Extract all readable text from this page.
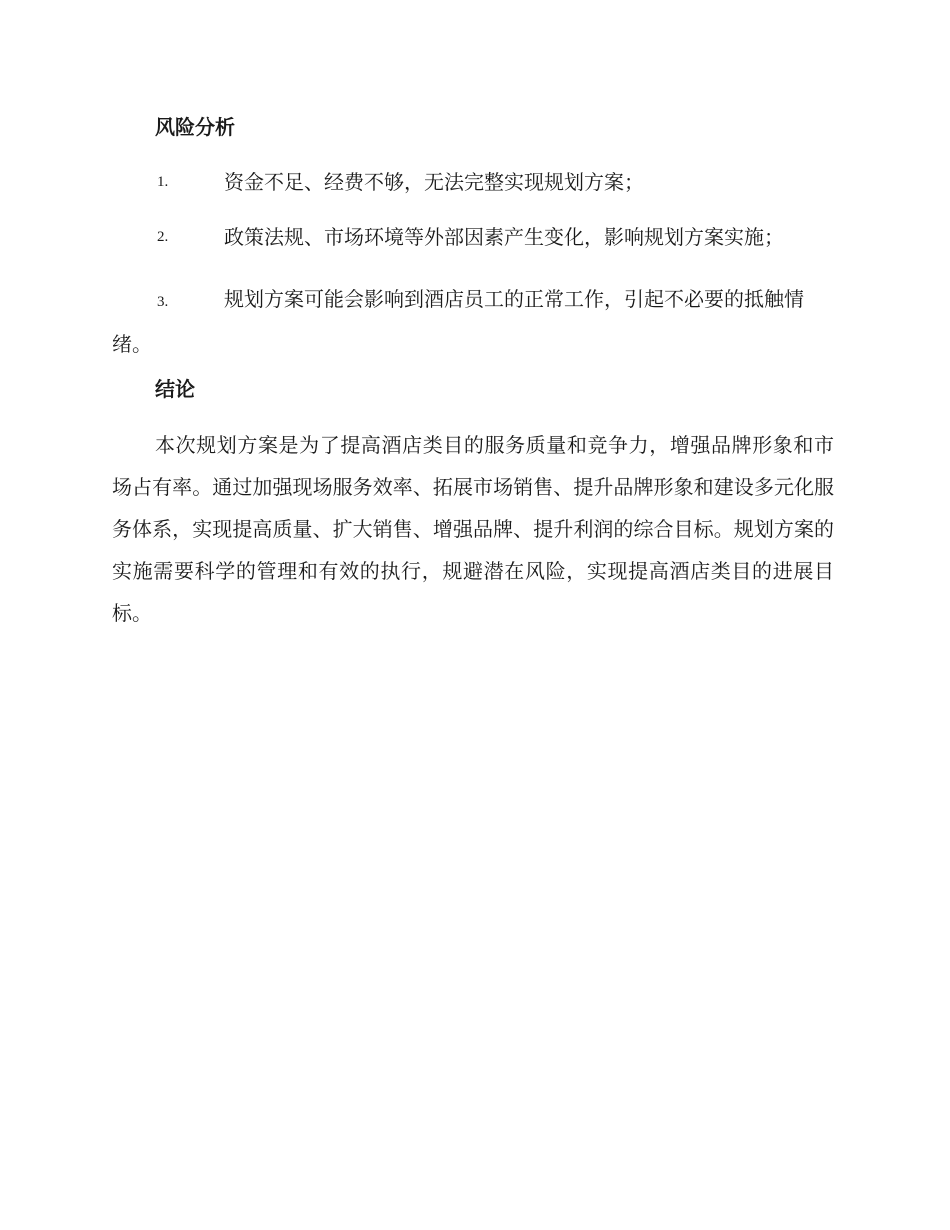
风险分析
1.	资金不足、经费不够，无法完整实现规划方案；
2.	政策法规、市场环境等外部因素产生变化，影响规划方案实施；
3.	规划方案可能会影响到酒店员工的正常工作，引起不必要的抵触情绪。
结论

本次规划方案是为了提高酒店类目的服务质量和竞争力，增强品牌形象和市场占有率。通过加强现场服务效率、拓展市场销售、提升品牌形象和建设多元化服务体系，实现提高质量、扩大销售、增强品牌、提升利润的综合目标。规划方案的实施需要科学的管理和有效的执行，规避潜在风险，实现提高酒店类目的进展目标。
